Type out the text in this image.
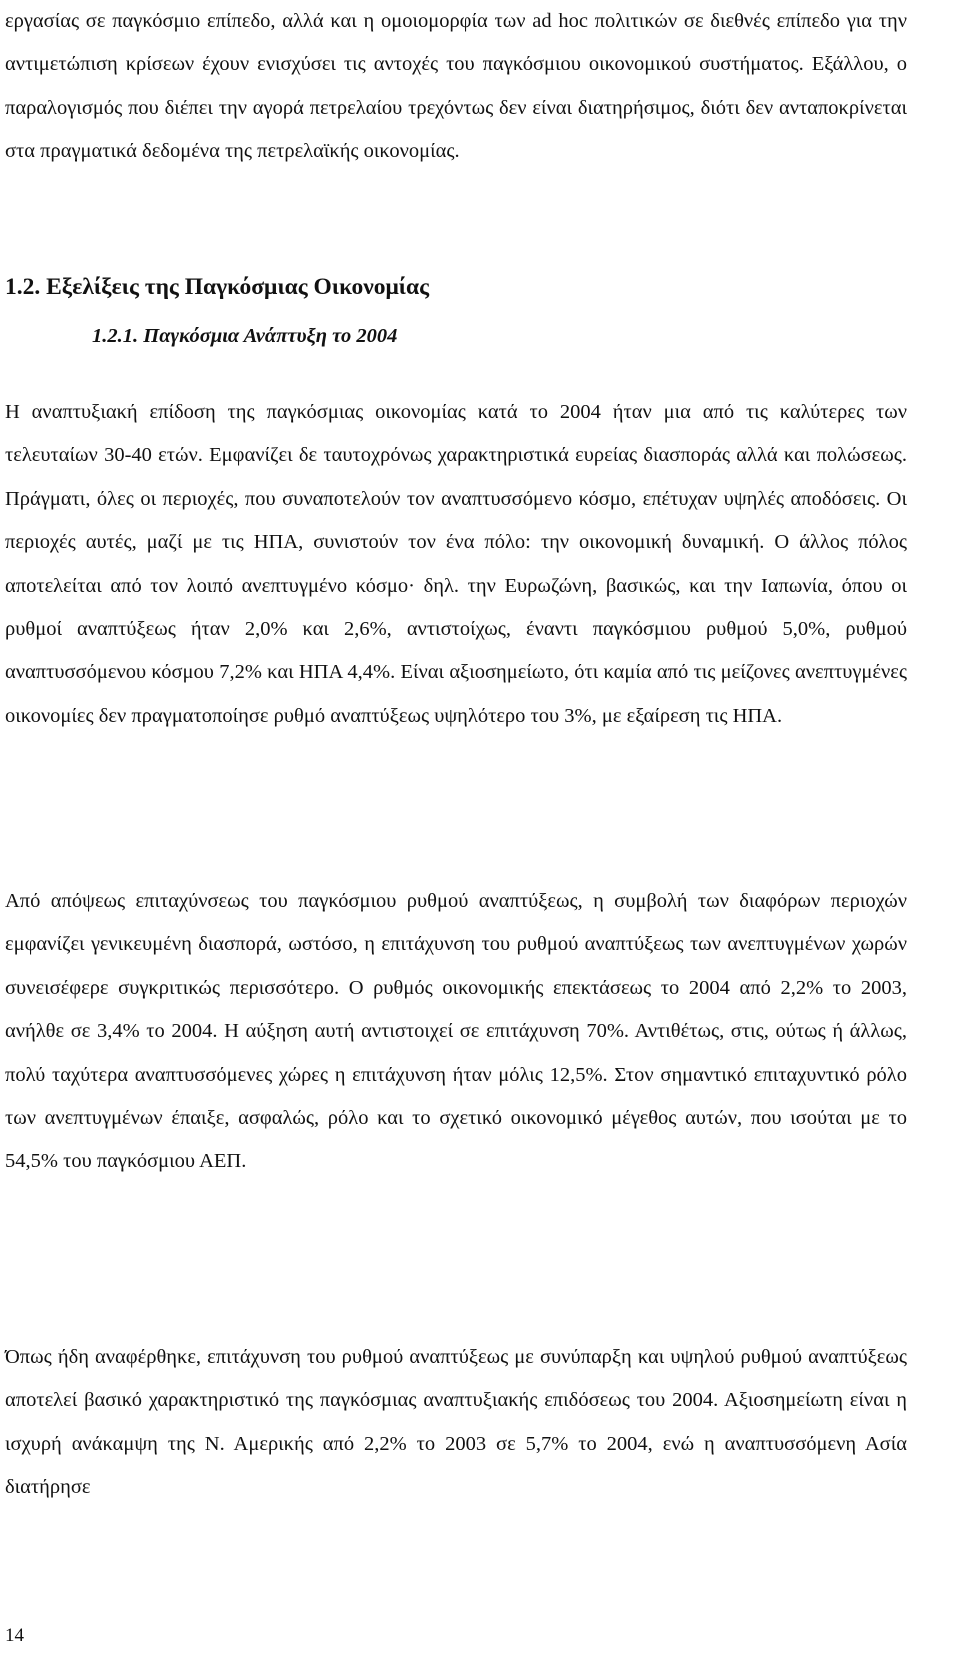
εργασίας σε παγκόσμιο επίπεδο, αλλά και η ομοιομορφία των ad hoc πολιτικών σε διεθνές επίπεδο για την αντιμετώπιση κρίσεων έχουν ενισχύσει τις αντοχές του παγκόσμιου οικονομικού συστήματος. Εξάλλου, ο παραλογισμός που διέπει την αγορά πετρελαίου τρεχόντως δεν είναι διατηρήσιμος, διότι δεν ανταποκρίνεται στα πραγματικά δεδομένα της πετρελαϊκής οικονομίας.

1.2. Εξελίξεις της Παγκόσμιας Οικονομίας
1.2.1. Παγκόσμια Ανάπτυξη το 2004

Η αναπτυξιακή επίδοση της παγκόσμιας οικονομίας κατά το 2004 ήταν μια από τις καλύτερες των τελευταίων 30-40 ετών. Εμφανίζει δε ταυτοχρόνως χαρακτηριστικά ευρείας διασποράς αλλά και πολώσεως. Πράγματι, όλες οι περιοχές, που συναποτελούν τον αναπτυσσόμενο κόσμο, επέτυχαν υψηλές αποδόσεις. Οι περιοχές αυτές, μαζί με τις ΗΠΑ, συνιστούν τον ένα πόλο: την οικονομική δυναμική. Ο άλλος πόλος αποτελείται από τον λοιπό ανεπτυγμένο κόσμο· δηλ. την Ευρωζώνη, βασικώς, και την Ιαπωνία, όπου οι ρυθμοί αναπτύξεως ήταν 2,0% και 2,6%, αντιστοίχως, έναντι παγκόσμιου ρυθμού 5,0%, ρυθμού αναπτυσσόμενου κόσμου 7,2% και ΗΠΑ 4,4%. Είναι αξιοσημείωτο, ότι καμία από τις μείζονες ανεπτυγμένες οικονομίες δεν πραγματοποίησε ρυθμό αναπτύξεως υψηλότερο του 3%, με εξαίρεση τις ΗΠΑ.

Από απόψεως επιταχύνσεως του παγκόσμιου ρυθμού αναπτύξεως, η συμβολή των διαφόρων περιοχών εμφανίζει γενικευμένη διασπορά, ωστόσο, η επιτάχυνση του ρυθμού αναπτύξεως των ανεπτυγμένων χωρών συνεισέφερε συγκριτικώς περισσότερο. Ο ρυθμός οικονομικής επεκτάσεως το 2004 από 2,2% το 2003, ανήλθε σε 3,4% το 2004. Η αύξηση αυτή αντιστοιχεί σε επιτάχυνση 70%. Αντιθέτως, στις, ούτως ή άλλως, πολύ ταχύτερα αναπτυσσόμενες χώρες η επιτάχυνση ήταν μόλις 12,5%. Στον σημαντικό επιταχυντικό ρόλο των ανεπτυγμένων έπαιξε, ασφαλώς, ρόλο και το σχετικό οικονομικό μέγεθος αυτών, που ισούται με το 54,5% του παγκόσμιου ΑΕΠ.

Όπως ήδη αναφέρθηκε, επιτάχυνση του ρυθμού αναπτύξεως με συνύπαρξη και υψηλού ρυθμού αναπτύξεως αποτελεί βασικό χαρακτηριστικό της παγκόσμιας αναπτυξιακής επιδόσεως του 2004. Αξιοσημείωτη είναι η ισχυρή ανάκαμψη της Ν. Αμερικής από 2,2% το 2003 σε 5,7% το 2004, ενώ η αναπτυσσόμενη Ασία διατήρησε

14
